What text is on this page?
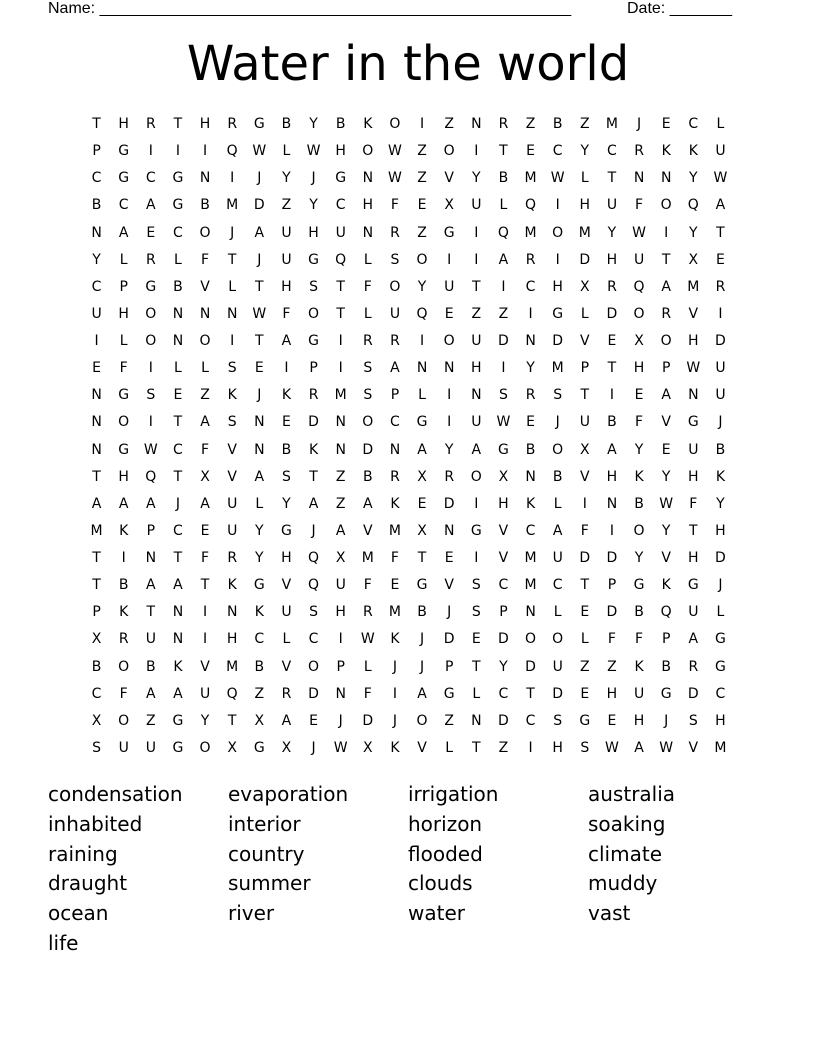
Name: _____________________________________________________	Date: _______
Water in the world
T	H	R	T	H	R	G	B	Y	B	K	O	I	Z	N	R	Z	B	Z	M	J	E	C	L
P	G	I	I	I	Q	W	L	W	H	O	W	Z	O	I	T	E	C	Y	C	R	K	K	U
C	G	C	G	N	I	J	Y	J	G	N	W	Z	V	Y	B	M	W	L	T	N	N	Y	W
B	C	A	G	B	M	D	Z	Y	C	H	F	E	X	U	L	Q	I	H	U	F	O	Q	A
N	A	E	C	O	J	A	U	H	U	N	R	Z	G	I	Q	M	O	M	Y	W	I	Y	T
Y	L	R	L	F	T	J	U	G	Q	L	S	O	I	I	A	R	I	D	H	U	T	X	E
C	P	G	B	V	L	T	H	S	T	F	O	Y	U	T	I	C	H	X	R	Q	A	M	R
U	H	O	N	N	N	W	F	O	T	L	U	Q	E	Z	Z	I	G	L	D	O	R	V	I
I	L	O	N	O	I	T	A	G	I	R	R	I	O	U	D	N	D	V	E	X	O	H	D
E	F	I	L	L	S	E	I	P	I	S	A	N	N	H	I	Y	M	P	T	H	P	W	U
N	G	S	E	Z	K	J	K	R	M	S	P	L	I	N	S	R	S	T	I	E	A	N	U
N	O	I	T	A	S	N	E	D	N	O	C	G	I	U	W	E	J	U	B	F	V	G	J
N	G	W	C	F	V	N	B	K	N	D	N	A	Y	A	G	B	O	X	A	Y	E	U	B
T	H	Q	T	X	V	A	S	T	Z	B	R	X	R	O	X	N	B	V	H	K	Y	H	K
A	A	A	J	A	U	L	Y	A	Z	A	K	E	D	I	H	K	L	I	N	B	W	F	Y
M	K	P	C	E	U	Y	G	J	A	V	M	X	N	G	V	C	A	F	I	O	Y	T	H
T	I	N	T	F	R	Y	H	Q	X	M	F	T	E	I	V	M	U	D	D	Y	V	H	D
T	B	A	A	T	K	G	V	Q	U	F	E	G	V	S	C	M	C	T	P	G	K	G	J
P	K	T	N	I	N	K	U	S	H	R	M	B	J	S	P	N	L	E	D	B	Q	U	L
X	R	U	N	I	H	C	L	C	I	W	K	J	D	E	D	O	O	L	F	F	P	A	G
B	O	B	K	V	M	B	V	O	P	L	J	J	P	T	Y	D	U	Z	Z	K	B	R	G
C	F	A	A	U	Q	Z	R	D	N	F	I	A	G	L	C	T	D	E	H	U	G	D	C
X	O	Z	G	Y	T	X	A	E	J	D	J	O	Z	N	D	C	S	G	E	H	J	S	H
S	U	U	G	O	X	G	X	J	W	X	K	V	L	T	Z	I	H	S	W	A	W	V	M
condensation	evaporation	irrigation	australia
inhabited	interior	horizon	soaking
raining	country	flooded	climate
draught	summer	clouds	muddy
ocean	river	water	vast
life
